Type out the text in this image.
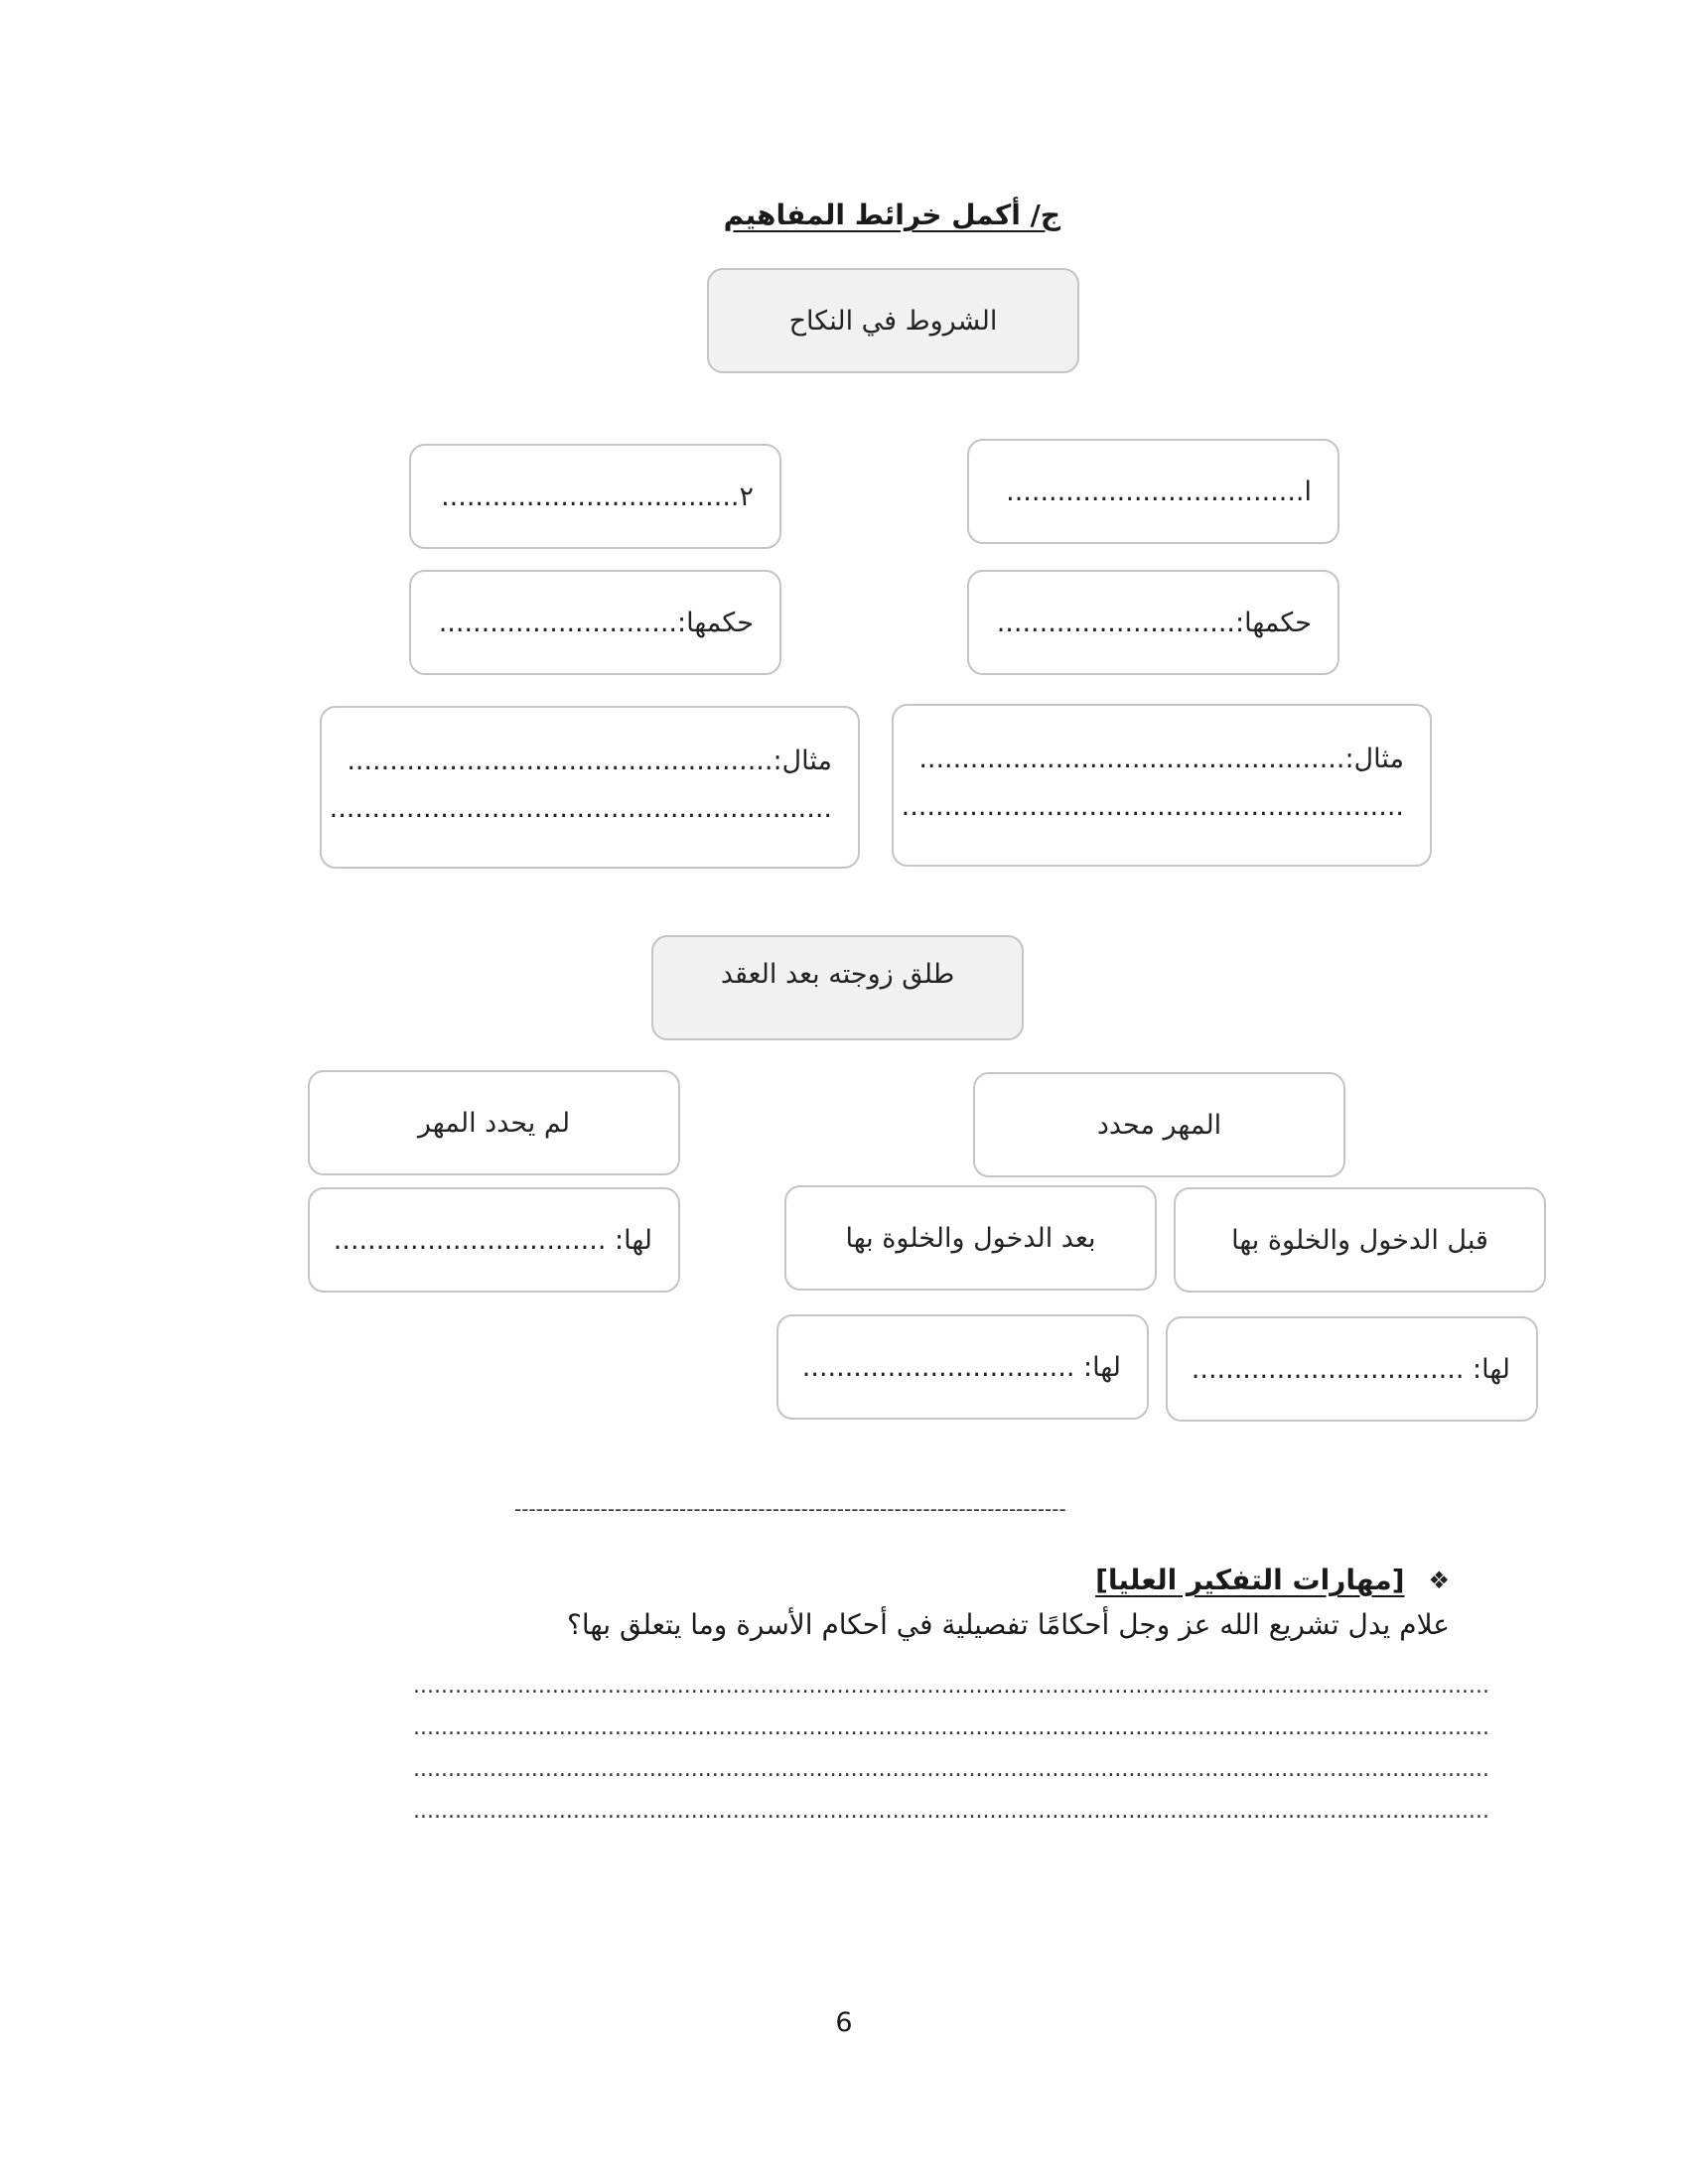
ج/ أكمل خرائط المفاهيم
الشروط في النكاح
ا...................................
٢...................................
حكمها:............................
حكمها:............................
مثال:..................................................
...........................................................
مثال:..................................................
...........................................................
طلق زوجته بعد العقد
المهر محدد
لم يحدد المهر
قبل الدخول والخلوة بها
بعد الدخول والخلوة بها
لها: ................................
لها: ................................
لها: ................................
-----------------------------------------------------------------------------
❖
[مهارات التفكير العليا]
علام يدل تشريع الله عز وجل أحكامًا تفصيلية في أحكام الأسرة وما يتعلق بها؟
...........................................................................................................................................................
...........................................................................................................................................................
...........................................................................................................................................................
...........................................................................................................................................................
6
